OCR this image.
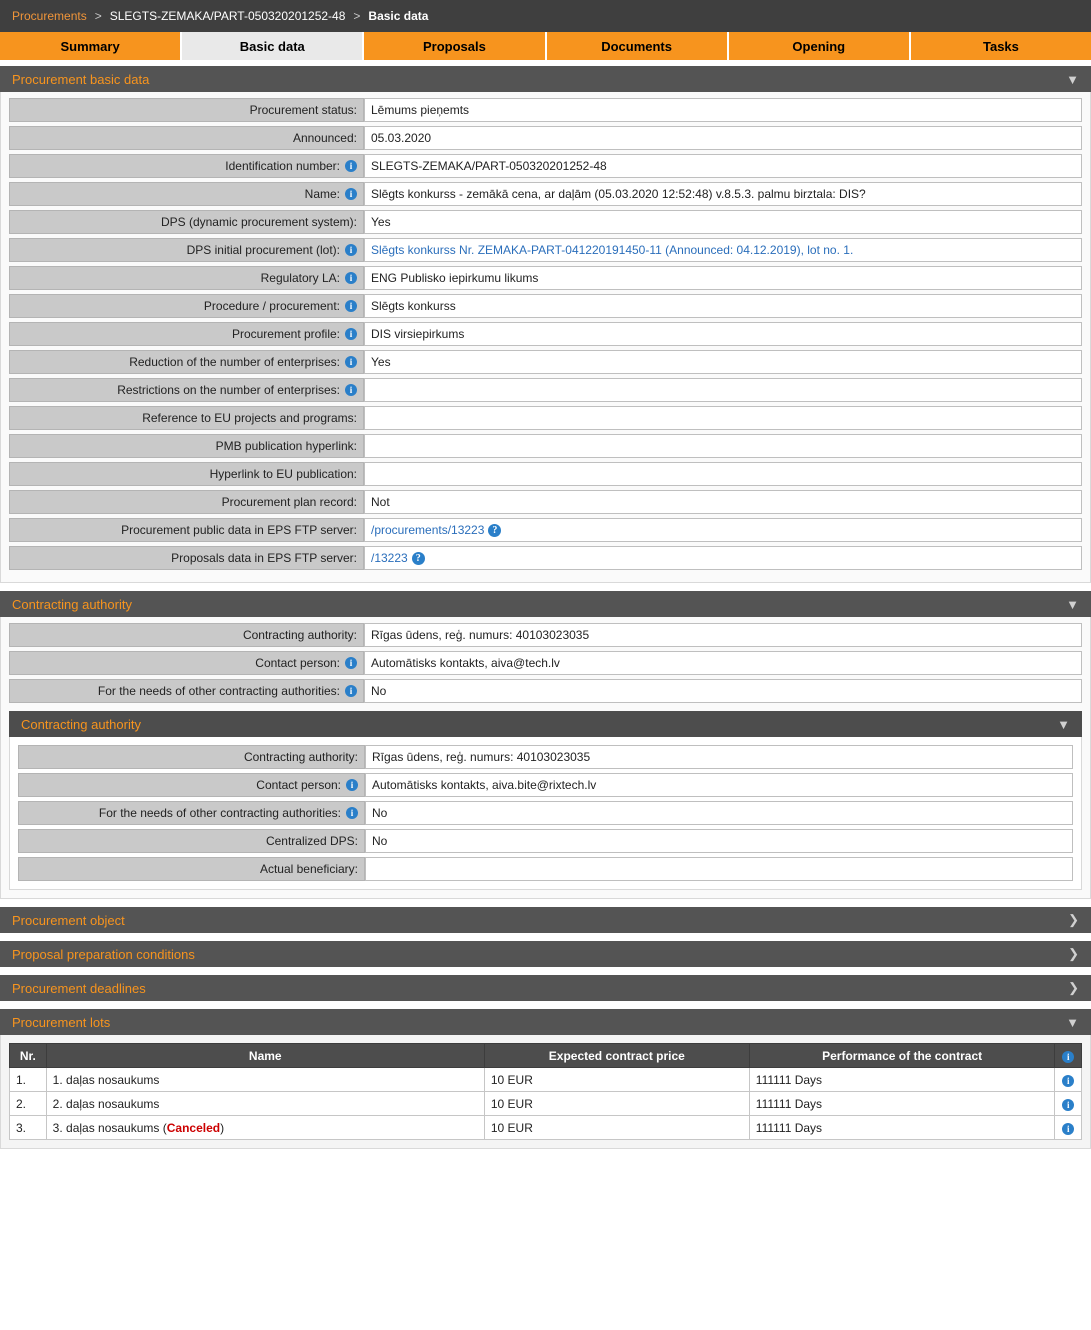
Procurements > SLEGTS-ZEMAKA/PART-050320201252-48 > Basic data
Summary	Basic data	Proposals	Documents	Opening	Tasks
Procurement basic data	▼
Procurement status:	Lēmums pieņemts
Announced:	05.03.2020
Identification number:	i	SLEGTS-ZEMAKA/PART-050320201252-48
Name:	i	Slēgts konkurss - zemākā cena, ar daļām (05.03.2020 12:52:48) v.8.5.3. palmu birztala: DIS?
DPS (dynamic procurement system):	Yes
DPS initial procurement (lot):	i	Slēgts konkurss Nr. ZEMAKA-PART-041220191450-11 (Announced: 04.12.2019), lot no. 1.
Regulatory LA:	i	ENG Publisko iepirkumu likums
Procedure / procurement:	i	Slēgts konkurss
Procurement profile:	i	DIS virsiepirkums
Reduction of the number of enterprises:	i	Yes
Restrictions on the number of enterprises:	i
Reference to EU projects and programs:
PMB publication hyperlink:
Hyperlink to EU publication:
Procurement plan record:	Not
Procurement public data in EPS FTP server: /procurements/13223 ?
Proposals data in EPS FTP server: /13223 ?
Contracting authority	▼
Contracting authority:	Rīgas ūdens, reģ. numurs: 40103023035
Contact person:	i	Automātisks kontakts, aiva@tech.lv
For the needs of other contracting authorities:	i	No
Contracting authority	▼
Contracting authority:	Rīgas ūdens, reģ. numurs: 40103023035
Contact person:	i	Automātisks kontakts, aiva.bite@rixtech.lv
For the needs of other contracting authorities:	i	No
Centralized DPS:	No
Actual beneficiary:
Procurement object	❯
Proposal preparation conditions	❯
Procurement deadlines	❯
Procurement lots	▼
Nr.	Name	Expected contract price	Performance of the contract	i
1.	1. daļas nosaukums	10 EUR	111111 Days	i
2.	2. daļas nosaukums	10 EUR	111111 Days	i
3.	3. daļas nosaukums (Canceled)	10 EUR	111111 Days	i
